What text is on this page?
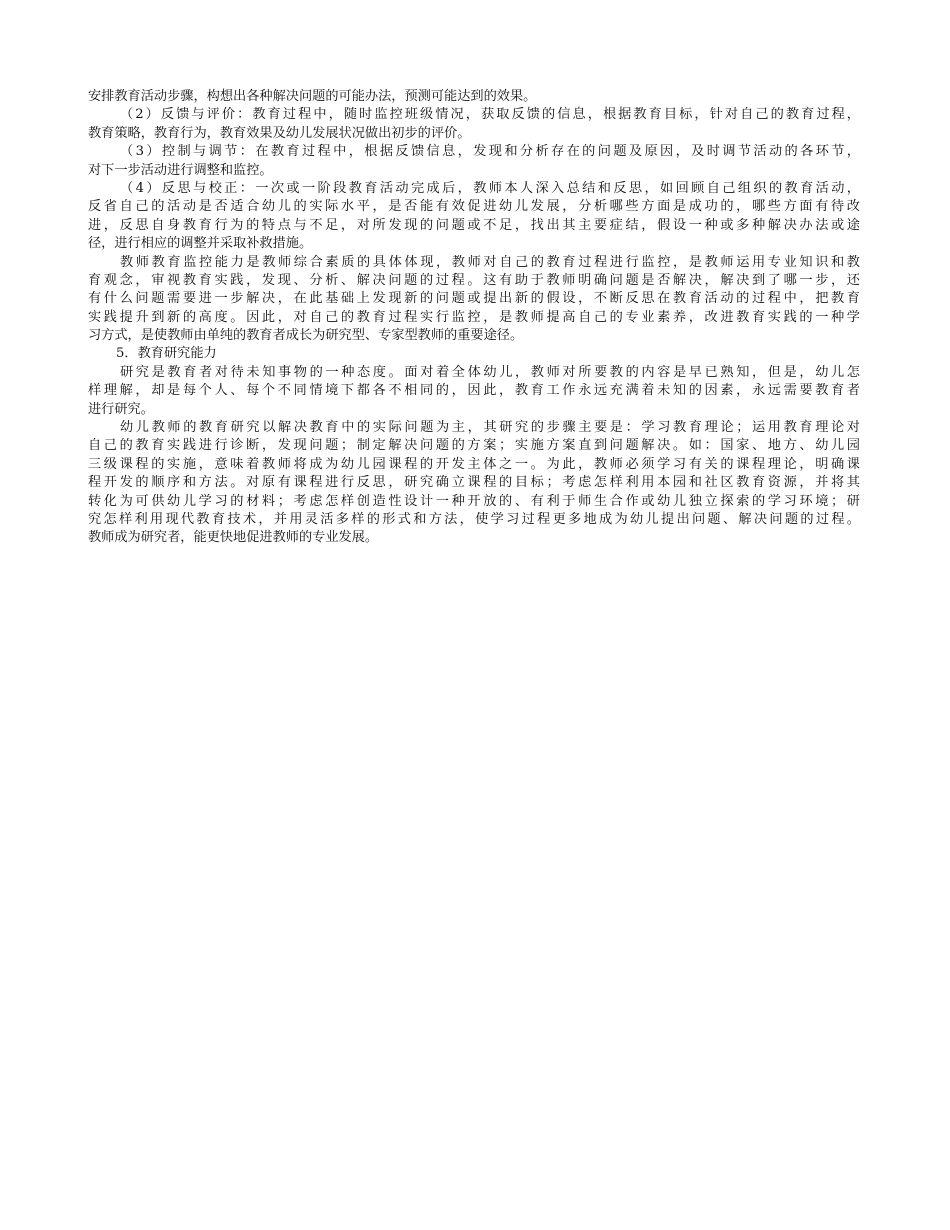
安排教育活动步骤，构想出各种解决问题的可能办法，预测可能达到的效果。
（2）反馈与评价：教育过程中，随时监控班级情况，获取反馈的信息，根据教育目标，针对自己的教育过程，
教育策略，教育行为，教育效果及幼儿发展状况做出初步的评价。
（3）控制与调节：在教育过程中，根据反馈信息，发现和分析存在的问题及原因，及时调节活动的各环节，
对下一步活动进行调整和监控。
（4）反思与校正：一次或一阶段教育活动完成后，教师本人深入总结和反思，如回顾自己组织的教育活动，
反省自己的活动是否适合幼儿的实际水平，是否能有效促进幼儿发展，分析哪些方面是成功的，哪些方面有待改
进，反思自身教育行为的特点与不足，对所发现的问题或不足，找出其主要症结，假设一种或多种解决办法或途
径，进行相应的调整并采取补救措施。
教师教育监控能力是教师综合素质的具体体现，教师对自己的教育过程进行监控，是教师运用专业知识和教
育观念，审视教育实践，发现、分析、解决问题的过程。这有助于教师明确问题是否解决，解决到了哪一步，还
有什么问题需要进一步解决，在此基础上发现新的问题或提出新的假设，不断反思在教育活动的过程中，把教育
实践提升到新的高度。因此，对自己的教育过程实行监控，是教师提高自己的专业素养，改进教育实践的一种学
习方式，是使教师由单纯的教育者成长为研究型、专家型教师的重要途径。
5．教育研究能力
研究是教育者对待未知事物的一种态度。面对着全体幼儿，教师对所要教的内容是早已熟知，但是，幼儿怎
样理解，却是每个人、每个不同情境下都各不相同的，因此，教育工作永远充满着未知的因素，永远需要教育者
进行研究。
幼儿教师的教育研究以解决教育中的实际问题为主，其研究的步骤主要是：学习教育理论；运用教育理论对
自己的教育实践进行诊断，发现问题；制定解决问题的方案；实施方案直到问题解决。如：国家、地方、幼儿园
三级课程的实施，意味着教师将成为幼儿园课程的开发主体之一。为此，教师必须学习有关的课程理论，明确课
程开发的顺序和方法。对原有课程进行反思，研究确立课程的目标；考虑怎样利用本园和社区教育资源，并将其
转化为可供幼儿学习的材料；考虑怎样创造性设计一种开放的、有利于师生合作或幼儿独立探索的学习环境；研
究怎样利用现代教育技术，并用灵活多样的形式和方法，使学习过程更多地成为幼儿提出问题、解决问题的过程。
教师成为研究者，能更快地促进教师的专业发展。
